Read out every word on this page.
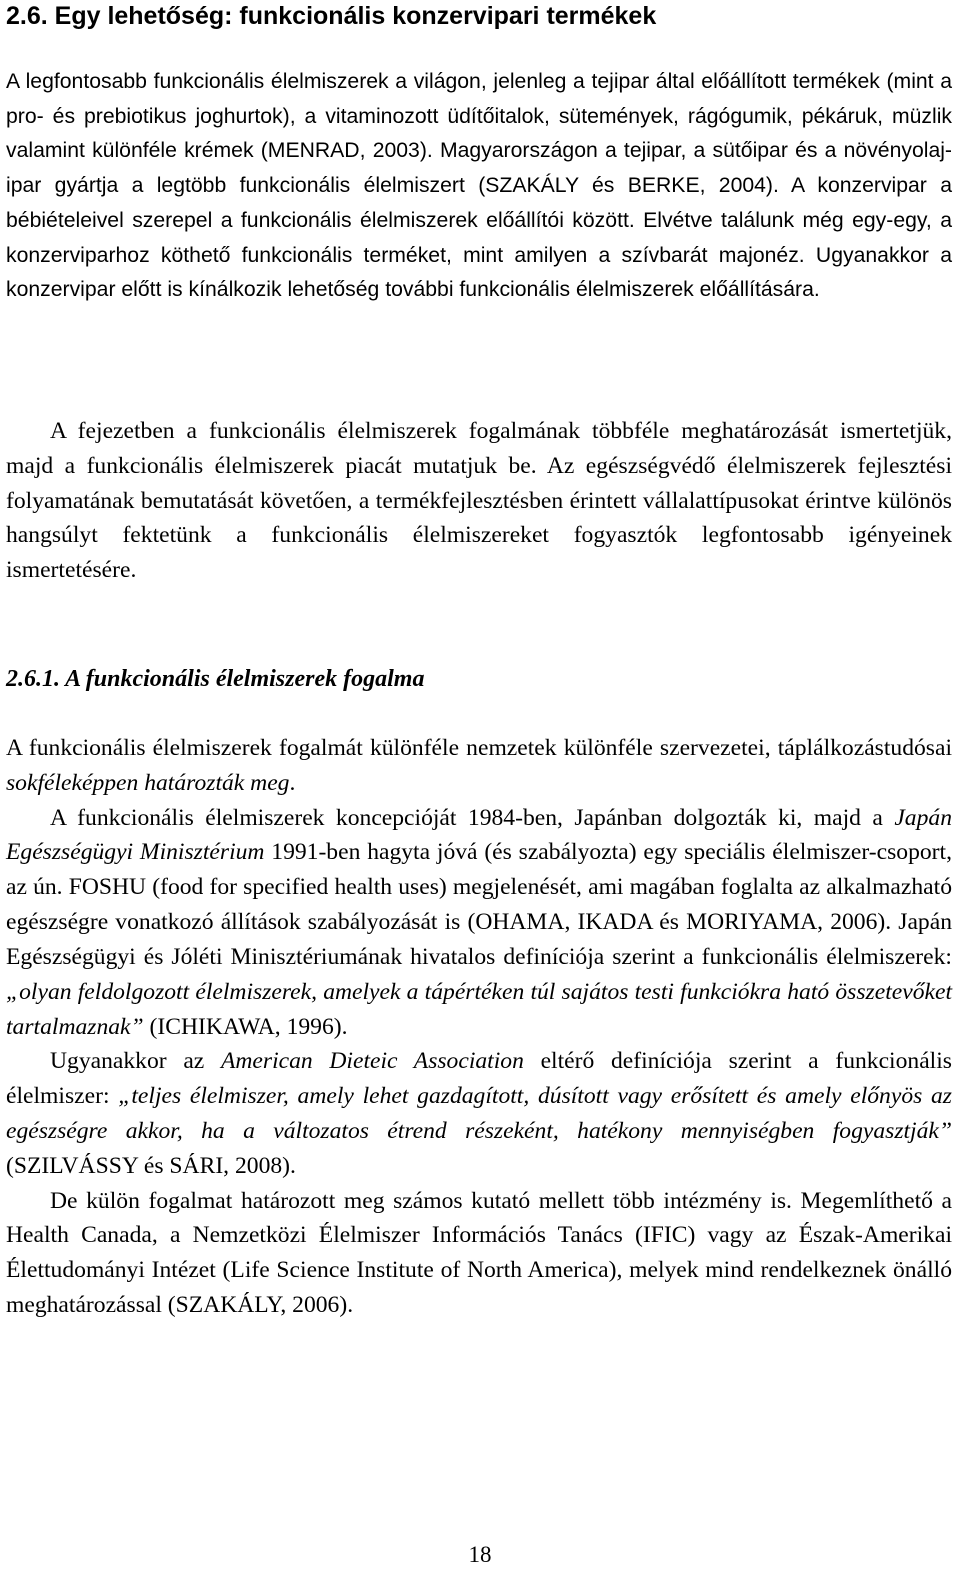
2.6. Egy lehetőség: funkcionális konzervipari termékek

A legfontosabb funkcionális élelmiszerek a világon, jelenleg a tejipar által előállított termékek (mint a pro- és prebiotikus joghurtok), a vitaminozott üdítőitalok, sütemények, rágógumik, pékáruk, müzlik valamint különféle krémek (MENRAD, 2003). Magyarországon a tejipar, a sütőipar és a növényolaj-ipar gyártja a legtöbb funkcionális élelmiszert (SZAKÁLY és BERKE, 2004). A konzervipar a bébiételeivel szerepel a funkcionális élelmiszerek előállítói között. Elvétve találunk még egy-egy, a konzerviparhoz köthető funkcionális terméket, mint amilyen a szívbarát majonéz. Ugyanakkor a konzervipar előtt is kínálkozik lehetőség további funkcionális élelmiszerek előállítására.

A fejezetben a funkcionális élelmiszerek fogalmának többféle meghatározását ismertetjük, majd a funkcionális élelmiszerek piacát mutatjuk be. Az egészségvédő élelmiszerek fejlesztési folyamatának bemutatását követően, a termékfejlesztésben érintett vállalattípusokat érintve különös hangsúlyt fektetünk a funkcionális élelmiszereket fogyasztók legfontosabb igényeinek ismertetésére.

2.6.1. A funkcionális élelmiszerek fogalma

A funkcionális élelmiszerek fogalmát különféle nemzetek különféle szervezetei, táplálkozástudósai sokféleképpen határozták meg.

A funkcionális élelmiszerek koncepcióját 1984-ben, Japánban dolgozták ki, majd a Japán Egészségügyi Minisztérium 1991-ben hagyta jóvá (és szabályozta) egy speciális élelmiszer-csoport, az ún. FOSHU (food for specified health uses) megjelenését, ami magában foglalta az alkalmazható egészségre vonatkozó állítások szabályozását is (OHAMA, IKADA és MORIYAMA, 2006). Japán Egészségügyi és Jóléti Minisztériumának hivatalos definíciója szerint a funkcionális élelmiszerek: „olyan feldolgozott élelmiszerek, amelyek a tápértéken túl sajátos testi funkciókra ható összetevőket tartalmaznak” (ICHIKAWA, 1996).

Ugyanakkor az American Dieteic Association eltérő definíciója szerint a funkcionális élelmiszer: „teljes élelmiszer, amely lehet gazdagított, dúsított vagy erősített és amely előnyös az egészségre akkor, ha a változatos étrend részeként, hatékony mennyiségben fogyasztják” (SZILVÁSSY és SÁRI, 2008).

De külön fogalmat határozott meg számos kutató mellett több intézmény is. Megemlíthető a Health Canada, a Nemzetközi Élelmiszer Információs Tanács (IFIC) vagy az Észak-Amerikai Élettudományi Intézet (Life Science Institute of North America), melyek mind rendelkeznek önálló meghatározással (SZAKÁLY, 2006).

18
